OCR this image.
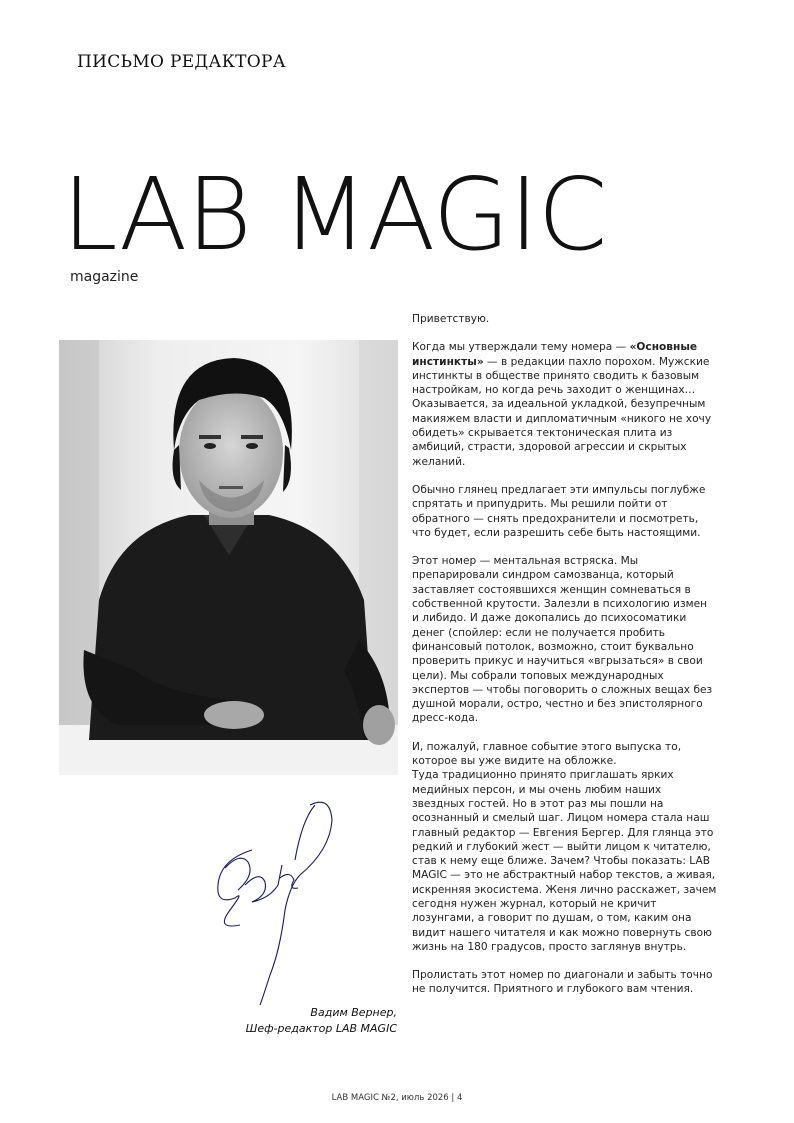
ПИСЬМО РЕДАКТОРА
LAB MAGIC
magazine
Вадим Вернер,
Шеф-редактор LAB MAGIC

Приветствую.

Когда мы утверждали тему номера — «Основные инстинкты» — в редакции пахло порохом. Мужские инстинкты в обществе принято сводить к базовым настройкам, но когда речь заходит о женщинах… Оказывается, за идеальной укладкой, безупречным макияжем власти и дипломатичным «никого не хочу обидеть» скрывается тектоническая плита из амбиций, страсти, здоровой агрессии и скрытых желаний.

Обычно глянец предлагает эти импульсы поглубже спрятать и припудрить. Мы решили пойти от обратного — снять предохранители и посмотреть, что будет, если разрешить себе быть настоящими.

Этот номер — ментальная встряска. Мы препарировали синдром самозванца, который заставляет состоявшихся женщин сомневаться в собственной крутости. Залезли в психологию измен и либидо. И даже докопались до психосоматики денег (спойлер: если не получается пробить финансовый потолок, возможно, стоит буквально проверить прикус и научиться «вгрызаться» в свои цели). Мы собрали топовых международных экспертов — чтобы поговорить о сложных вещах без душной морали, остро, честно и без эпистолярного дресс-кода.

И, пожалуй, главное событие этого выпуска то, которое вы уже видите на обложке.
Туда традиционно принято приглашать ярких медийных персон, и мы очень любим наших звездных гостей. Но в этот раз мы пошли на осознанный и смелый шаг. Лицом номера стала наш главный редактор — Евгения Бергер. Для глянца это редкий и глубокий жест — выйти лицом к читателю, став к нему еще ближе. Зачем? Чтобы показать: LAB MAGIC — это не абстрактный набор текстов, а живая, искренняя экосистема. Женя лично расскажет, зачем сегодня нужен журнал, который не кричит лозунгами, а говорит по душам, о том, каким она видит нашего читателя и как можно повернуть свою жизнь на 180 градусов, просто заглянув внутрь.

Пролистать этот номер по диагонали и забыть точно не получится. Приятного и глубокого вам чтения.

LAB MAGIC №2, июль 2026 | 4
